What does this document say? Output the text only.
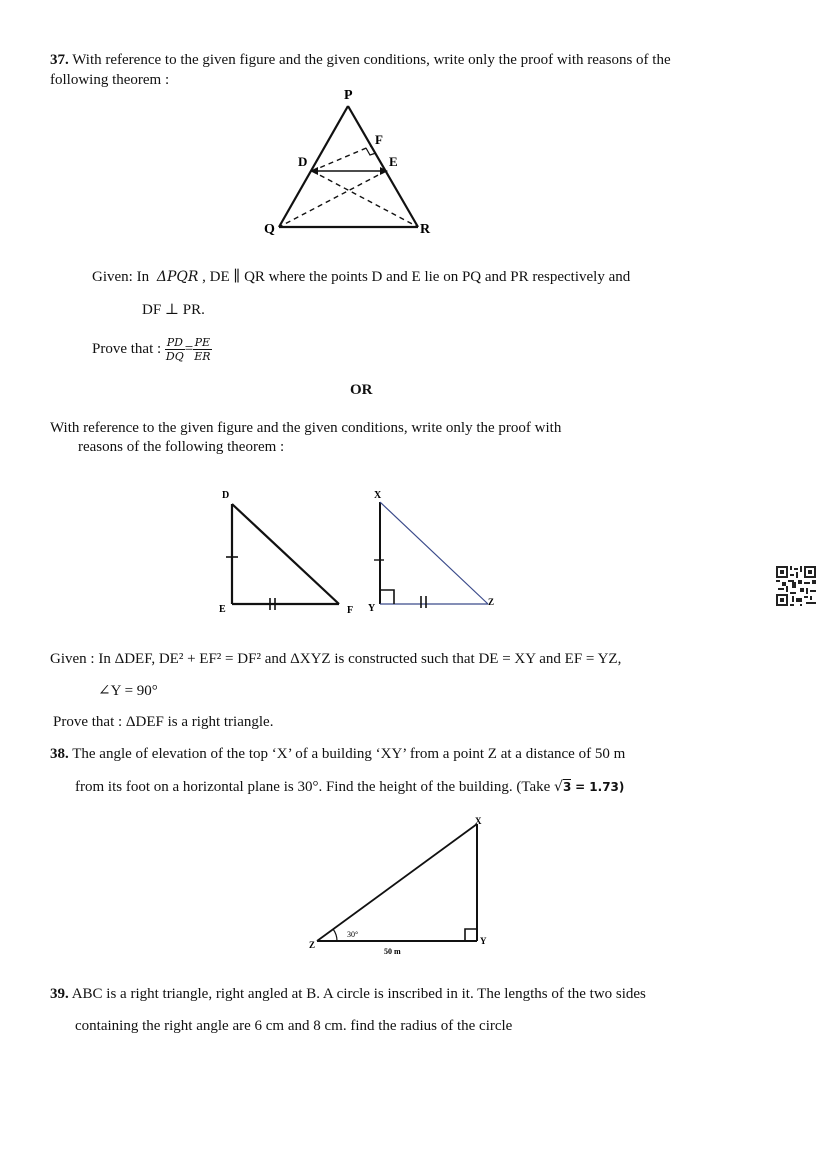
37. With reference to the given figure and the given conditions, write only the proof with reasons of the
following theorem :
P
F
D	E
Q	R
Given: In ΔPQR , DE ∥ QR where the points D and E lie on PQ and PR respectively and
DF ⊥ PR.
Prove that : $\frac{PD}{DQ} = \frac{PE}{ER}$
OR
With reference to the given figure and the given conditions, write only the proof with
reasons of the following theorem :
D
E	F
X
Y
Z
Given : In ΔDEF, DE² + EF² = DF² and ΔXYZ is constructed such that DE = XY and EF = YZ,
∠Y = 90°
Prove that : ΔDEF is a right triangle.
38. The angle of elevation of the top ‘X’ of a building ‘XY’ from a point Z at a distance of 50 m
from its foot on a horizontal plane is 30°. Find the height of the building. (Take √3 = 1.73)
30°
50 m
X
Y
Z
39. ABC is a right triangle, right angled at B. A circle is inscribed in it. The lengths of the two sides
containing the right angle are 6 cm and 8 cm. find the radius of the circle
